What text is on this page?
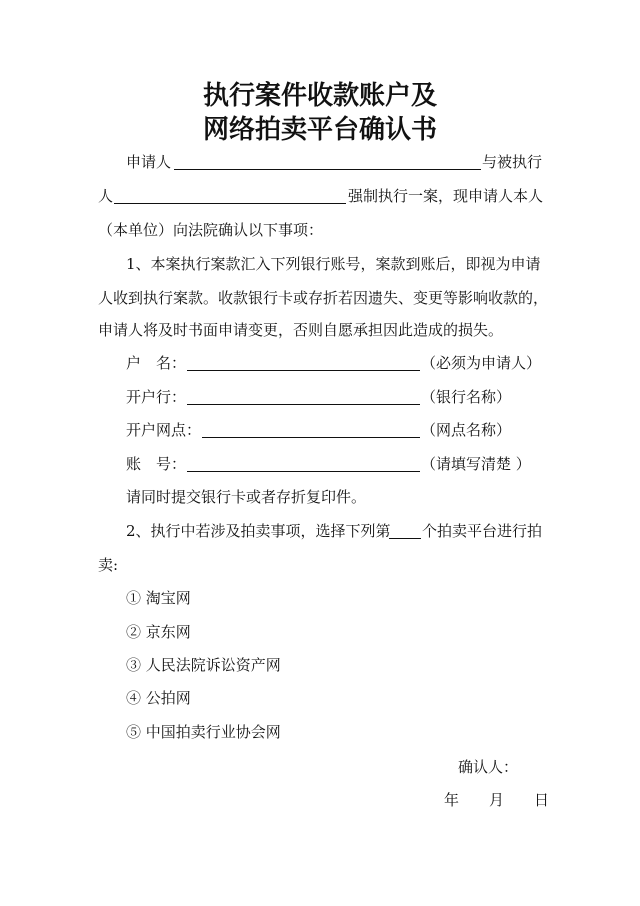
执行案件收款账户及
网络拍卖平台确认书
申请人	与被执行
人	强制执行一案，现申请人本人
（本单位）向法院确认以下事项：
1、本案执行案款汇入下列银行账号，案款到账后，即视为申请
人收到执行案款。收款银行卡或存折若因遗失、变更等影响收款的，
申请人将及时书面申请变更，否则自愿承担因此造成的损失。
户　名：	（必须为申请人）
开户行：	（银行名称）
开户网点：	（网点名称）
账　号：	（请填写清楚 ）
请同时提交银行卡或者存折复印件。
2、执行中若涉及拍卖事项，选择下列第 个拍卖平台进行拍
卖:
① 淘宝网
② 京东网
③ 人民法院诉讼资产网
④ 公拍网
⑤ 中国拍卖行业协会网
确认人：
年　　月　　日
